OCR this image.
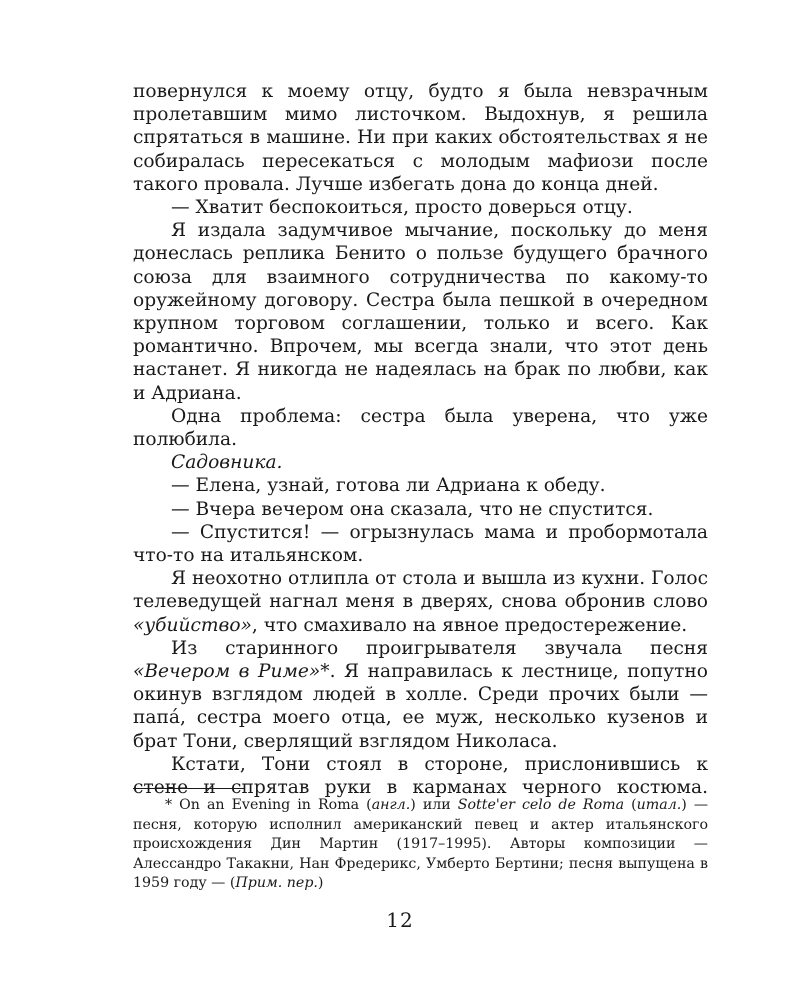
повернулся к моему отцу, будто я была невзрачным пролетавшим мимо листочком. Выдохнув, я решила спрятаться в машине. Ни при каких обстоятельствах я не собиралась пересекаться с молодым мафиози после такого провала. Лучше избегать дона до конца дней.

— Хватит беспокоиться, просто доверься отцу.

Я издала задумчивое мычание, поскольку до меня донеслась реплика Бенито о пользе будущего брачного союза для взаимного сотрудничества по какому-то оружейному договору. Сестра была пешкой в очередном крупном торговом соглашении, только и всего. Как романтично. Впрочем, мы всегда знали, что этот день настанет. Я никогда не надеялась на брак по любви, как и Адриана.

Одна проблема: сестра была уверена, что уже полюбила.

Садовника.

— Елена, узнай, готова ли Адриана к обеду.

— Вчера вечером она сказала, что не спустится.

— Спустится! — огрызнулась мама и пробормотала что-то на итальянском.

Я неохотно отлипла от стола и вышла из кухни. Голос телеведущей нагнал меня в дверях, снова обронив слово «убийство», что смахивало на явное предостережение.

Из старинного проигрывателя звучала песня «Вечером в Риме»*. Я направилась к лестнице, попутно окинув взглядом людей в холле. Среди прочих были — папа́, сестра моего отца, ее муж, несколько кузенов и брат Тони, сверлящий взглядом Николаса.

Кстати, Тони стоял в стороне, прислонившись к стене и спрятав руки в карманах черного костюма.

* On an Evening in Roma (англ.) или Sotte'er celo de Roma (итал.) — песня, которую исполнил американский певец и актер итальянского происхождения Дин Мартин (1917–1995). Авторы композиции — Алессандро Такакни, Нан Фредерикс, Умберто Бертини; песня выпущена в 1959 году — (Прим. пер.)

12
